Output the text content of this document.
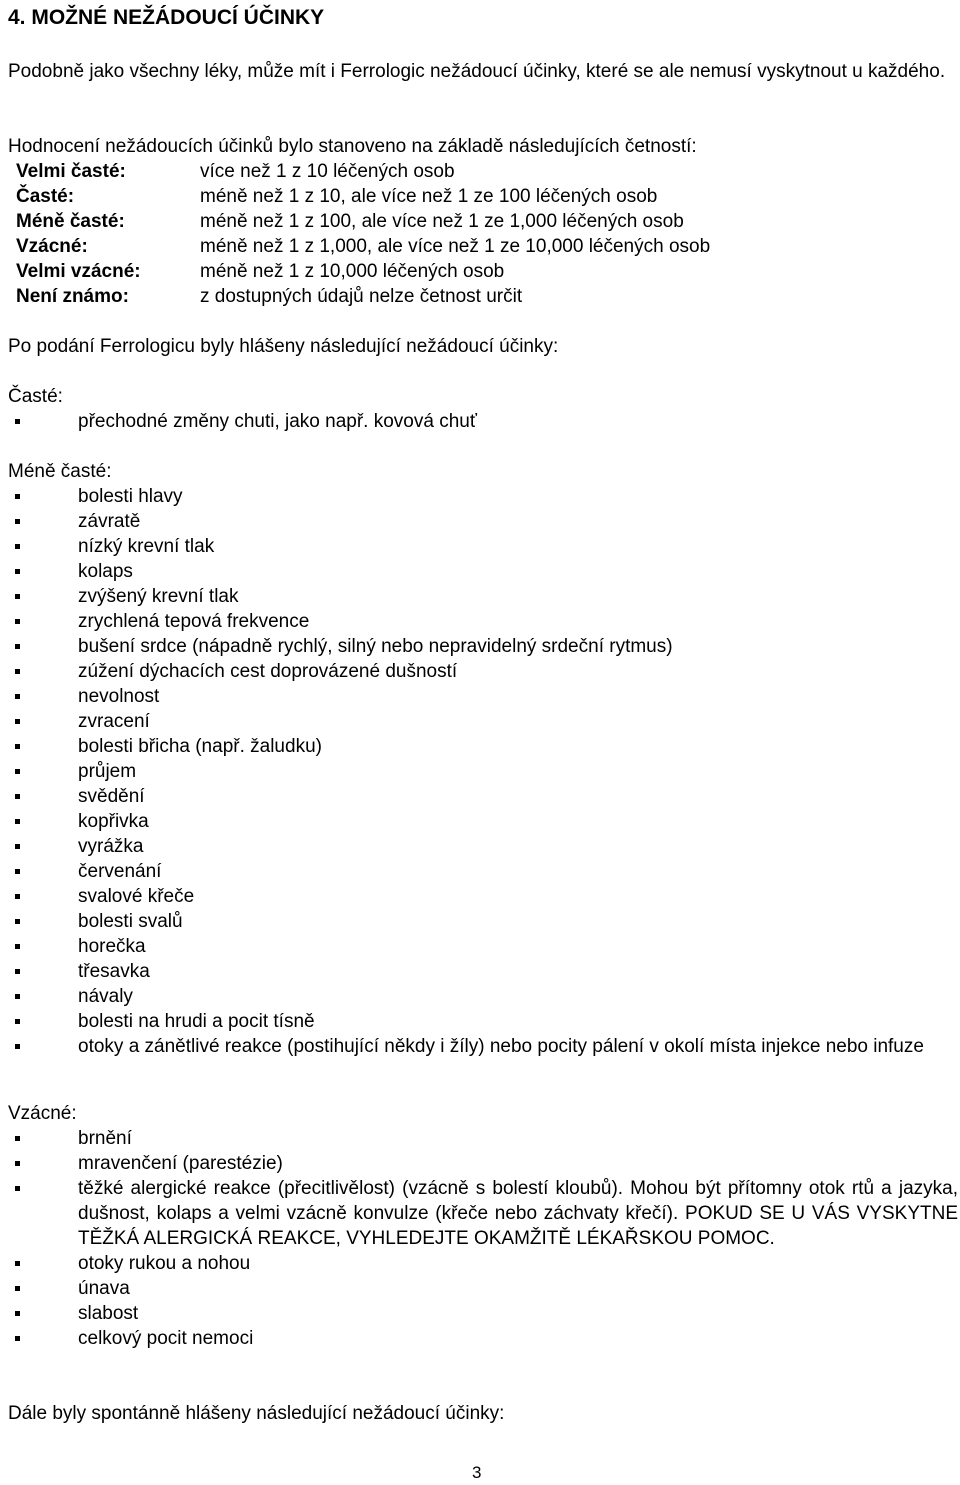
4. MOŽNÉ NEŽÁDOUCÍ ÚČINKY
Podobně jako všechny léky, může mít i Ferrologic nežádoucí účinky, které se ale nemusí vyskytnout u každého.
Hodnocení nežádoucích účinků bylo stanoveno na základě následujících četností:
Velmi časté:	více než 1 z 10 léčených osob
Časté:	méně než 1 z 10, ale více než 1 ze 100 léčených osob
Méně časté:	méně než 1 z 100, ale více než 1 ze 1,000 léčených osob
Vzácné:	méně než 1 z 1,000, ale více než 1 ze 10,000 léčených osob
Velmi vzácné:	méně než 1 z 10,000 léčených osob
Není známo:	z dostupných údajů nelze četnost určit
Po podání Ferrologicu byly hlášeny následující nežádoucí účinky:
Časté:
přechodné změny chuti, jako např. kovová chuť
Méně časté:
bolesti hlavy
závratě
nízký krevní tlak
kolaps
zvýšený krevní tlak
zrychlená tepová frekvence
bušení srdce (nápadně rychlý, silný nebo nepravidelný srdeční rytmus)
zúžení dýchacích cest doprovázené dušností
nevolnost
zvracení
bolesti břicha (např. žaludku)
průjem
svědění
kopřivka
vyrážka
červenání
svalové křeče
bolesti svalů
horečka
třesavka
návaly
bolesti na hrudi a pocit tísně
otoky a zánětlivé reakce (postihující někdy i žíly) nebo pocity pálení v okolí místa injekce nebo infuze
Vzácné:
brnění
mravenčení (parestézie)
těžké alergické reakce (přecitlivělost) (vzácně s bolestí kloubů). Mohou být přítomny otok rtů a jazyka, dušnost, kolaps a velmi vzácně konvulze (křeče nebo záchvaty křečí). POKUD SE U VÁS VYSKYTNE TĚŽKÁ ALERGICKÁ REAKCE, VYHLEDEJTE OKAMŽITĚ LÉKAŘSKOU POMOC.
otoky rukou a nohou
únava
slabost
celkový pocit nemoci
Dále byly spontánně hlášeny následující nežádoucí účinky:
3
